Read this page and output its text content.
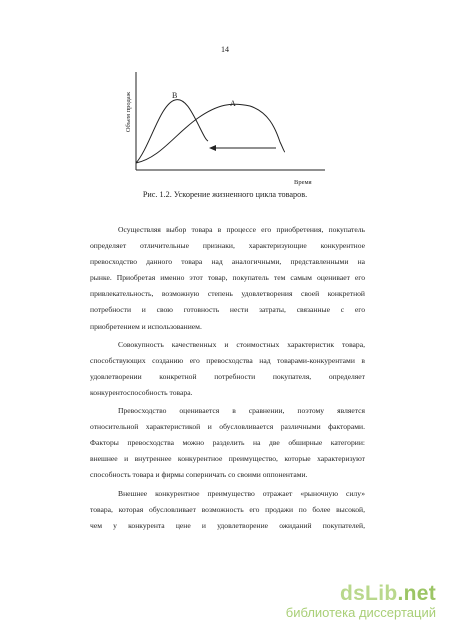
14
B
A
Объем продаж
Время
Рис. 1.2. Ускорение жизненного цикла товаров.

Осуществляя выбор товара в процессе его приобретения, покупатель
определяет отличительные признаки, характеризующие конкурентное
превосходство данного товара над аналогичными, представленными на
рынке. Приобретая именно этот товар, покупатель тем самым оценивает его
привлекательность, возможную степень удовлетворения своей конкретной
потребности и свою готовность нести затраты, связанные с его
приобретением и использованием.

Совокупность качественных и стоимостных характеристик товара,
способствующих созданию его превосходства над товарами-конкурентами в
удовлетворении конкретной потребности покупателя, определяет
конкурентоспособность товара.

Превосходство оценивается в сравнении, поэтому является
относительной характеристикой и обусловливается различными факторами.
Факторы превосходства можно разделить на две обширные категории:
внешнее и внутреннее конкурентное преимущество, которые характеризуют
способность товара и фирмы соперничать со своими оппонентами.

Внешнее конкурентное преимущество отражает «рыночную силу»
товара, которая обусловливает возможность его продажи по более высокой,
чем у конкурента цене и удовлетворение ожиданий покупателей,

dsLib.net
библиотека диссертаций
